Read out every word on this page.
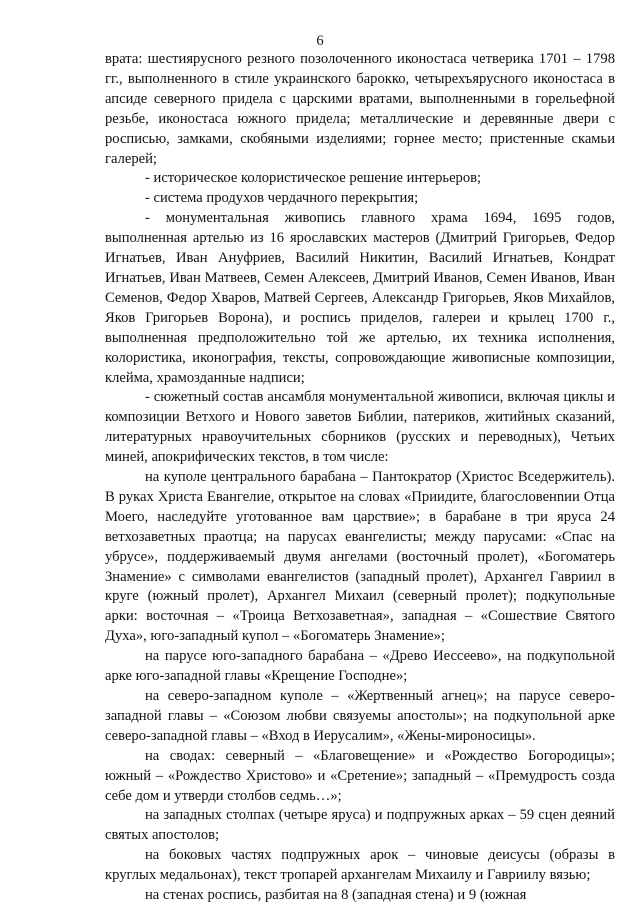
6

врата: шестиярусного резного позолоченного иконостаса четверика 1701 – 1798 гг., выполненного в стиле украинского барокко, четырехъярусного иконостаса в апсиде северного придела с царскими вратами, выполненными в горельефной резьбе, иконостаса южного придела; металлические и деревянные двери с росписью, замками, скобяными изделиями; горнее место; пристенные скамьи галерей;

- историческое колористическое решение интерьеров;

- система продухов чердачного перекрытия;

- монументальная живопись главного храма 1694, 1695 годов, выполненная артелью из 16 ярославских мастеров (Дмитрий Григорьев, Федор Игнатьев, Иван Ануфриев, Василий Никитин, Василий Игнатьев, Кондрат Игнатьев, Иван Матвеев, Семен Алексеев, Дмитрий Иванов, Семен Иванов, Иван Семенов, Федор Хваров, Матвей Сергеев, Александр Григорьев, Яков Михайлов, Яков Григорьев Ворона), и роспись приделов, галереи и крылец 1700 г., выполненная предположительно той же артелью, их техника исполнения, колористика, иконография, тексты, сопровождающие живописные композиции, клейма, храмозданные надписи;

- сюжетный состав ансамбля монументальной живописи, включая циклы и композиции Ветхого и Нового заветов Библии, патериков, житийных сказаний, литературных нравоучительных сборников (русских и переводных), Четьих миней, апокрифических текстов, в том числе:

на куполе центрального барабана – Пантократор (Христос Вседержитель). В руках Христа Евангелие, открытое на словах «Приидите, благословенnии Отца Моего, наследуйте уготованное вам царствие»; в барабане в три яруса 24 ветхозаветных праотца; на парусах евангелисты; между парусами: «Спас на убрусе», поддерживаемый двумя ангелами (восточный пролет), «Богоматерь Знамение» с символами евангелистов (западный пролет), Архангел Гавриил в круге (южный пролет), Архангел Михаил (северный пролет); подкупольные арки: восточная – «Троица Ветхозаветная», западная – «Сошествие Святого Духа», юго-западный купол – «Богоматерь Знамение»;

на парусе юго-западного барабана – «Древо Иессеево», на подкупольной арке юго-западной главы «Крещение Господне»;

на северо-западном куполе – «Жертвенный агнец»; на парусе северо-западной главы – «Союзом любви связуемы апостолы»; на подкупольной арке северо-западной главы – «Вход в Иерусалим», «Жены-мироносицы».

на сводах: северный – «Благовещение» и «Рождество Богородицы»; южный – «Рождество Христово» и «Сретение»; западный – «Премудрость созда себе дом и утверди столбов седмь…»;

на западных столпах (четыре яруса) и подпружных арках – 59 сцен деяний святых апостолов;

на боковых частях подпружных арок – чиновые деисусы (образы в круглых медальонах), текст тропарей архангелам Михаилу и Гавриилу вязью;

на стенах роспись, разбитая на 8 (западная стена) и 9 (южная
